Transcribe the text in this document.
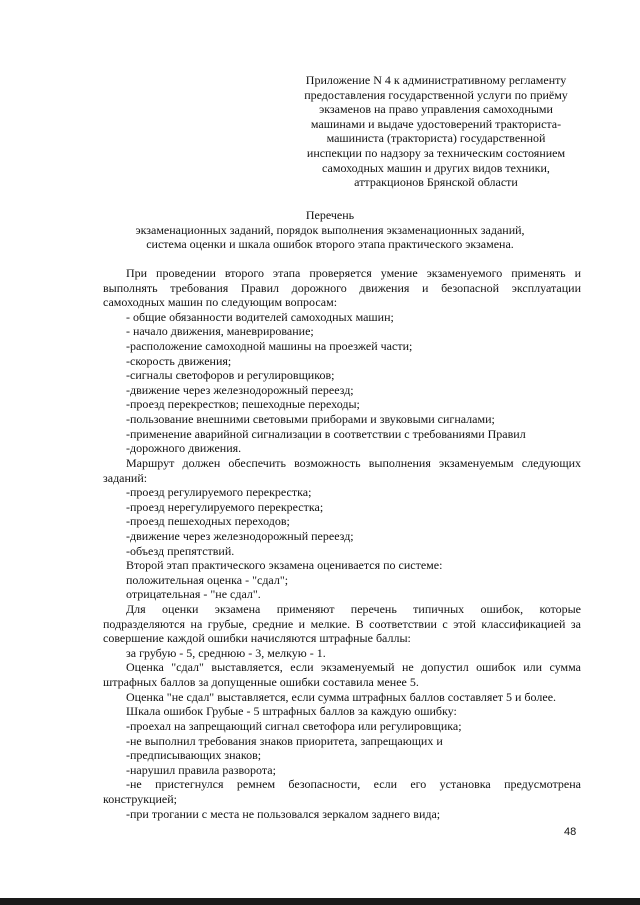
Приложение N 4 к административному регламенту
предоставления государственной услуги по приёму
экзаменов на право управления самоходными
машинами и выдаче удостоверений тракториста-
машиниста (тракториста) государственной
инспекции по надзору за техническим состоянием
самоходных машин и других видов техники,
аттракционов Брянской области
Перечень
экзаменационных заданий, порядок выполнения экзаменационных заданий,
система оценки и шкала ошибок второго этапа практического экзамена.
При проведении второго этапа проверяется умение экзаменуемого применять и
выполнять требования Правил дорожного движения и безопасной эксплуатации
самоходных машин по следующим вопросам:
- общие обязанности водителей самоходных машин;
- начало движения, маневрирование;
-расположение самоходной машины на проезжей части;
-скорость движения;
-сигналы светофоров и регулировщиков;
-движение через железнодорожный переезд;
-проезд перекрестков; пешеходные переходы;
-пользование внешними световыми приборами и звуковыми сигналами;
-применение аварийной сигнализации в соответствии с требованиями Правил
-дорожного движения.
Маршрут должен обеспечить возможность выполнения экзаменуемым следующих
заданий:
-проезд регулируемого перекрестка;
-проезд нерегулируемого перекрестка;
-проезд пешеходных переходов;
-движение через железнодорожный переезд;
-объезд препятствий.
Второй этап практического экзамена оценивается по системе:
положительная оценка - "сдал";
отрицательная - "не сдал".
Для оценки экзамена применяют перечень типичных ошибок, которые
подразделяются на грубые, средние и мелкие. В соответствии с этой классификацией за
совершение каждой ошибки начисляются штрафные баллы:
за грубую - 5, среднюю - 3, мелкую - 1.
Оценка "сдал" выставляется, если экзаменуемый не допустил ошибок или сумма
штрафных баллов за допущенные ошибки составила менее 5.
Оценка "не сдал" выставляется, если сумма штрафных баллов составляет 5 и более.
Шкала ошибок Грубые - 5 штрафных баллов за каждую ошибку:
-проехал на запрещающий сигнал светофора или регулировщика;
-не выполнил требования знаков приоритета, запрещающих и
-предписывающих знаков;
-нарушил правила разворота;
-не пристегнулся ремнем безопасности, если его установка предусмотрена
конструкцией;
-при трогании с места не пользовался зеркалом заднего вида;
48
